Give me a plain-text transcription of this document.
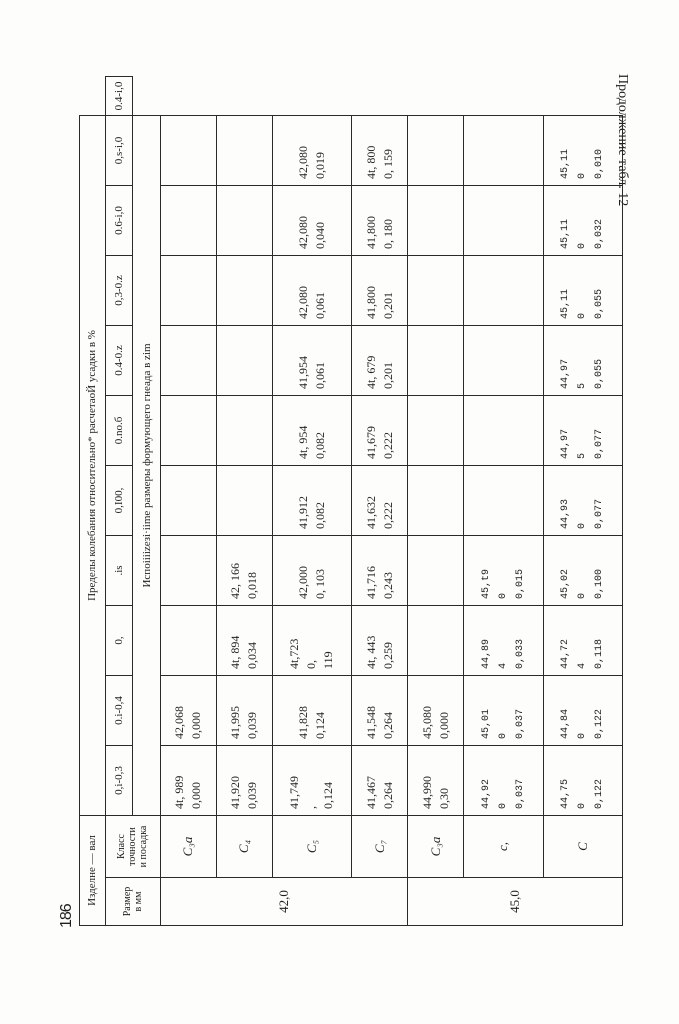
186
Продолжение табл. 12
Изделне — вал		Пределы колебания относительно* расчетаоЙ усадки в %										
Размер
в мм	Класс
точности
и посадка	0,i-0,3	0.i-0,4	0,	.is	0,I00,	0.no.б	0.4-0.z	0,3-0.z	0.6-i,0	0,s-i,0	0.4-i,0
		Испоiiiizeзi·iime размеры формующего гнеада в zim										
42,0	C₃а	4t, 989 0,000	42,068 0,000									

	C₄	41,920 0,039	41,995 0,039	4t, 894 0,034	42, 166 0,018							

	C₅	41,749 , 0,124	41,828 0,124	4t,723 0, 119	42,000 0, 103	41,912 0,082	4t, 954 0,082	41,954 0,061	42,080 0,061	42,080 0,040	42,080 0,019	

	C₇	41,467 0,264	41,548 0,264	4t, 443 0,259	41,716 0,243	41,632 0,222	41,679 0,222	4t, 679 0,201	41,800 0,201	41,800 0, 180	4t, 800 0, 159	

45,0	С₃а	44,990 0,30	45,080 0,000									

	c,	44,92 0 0,037	45,01 0 0,037	44,89 4 0,033	45,t9 0 0,015							

	C	44,75 0 0,122	44,84 0 0,122	44,72 4 0,118	45,02 0 0,100	44,93 0 0,077	44,97 5 0,077	44,97 5 0,055	45,11 0 0,055	45,11 0 0,032	45,11 0 0,010	
